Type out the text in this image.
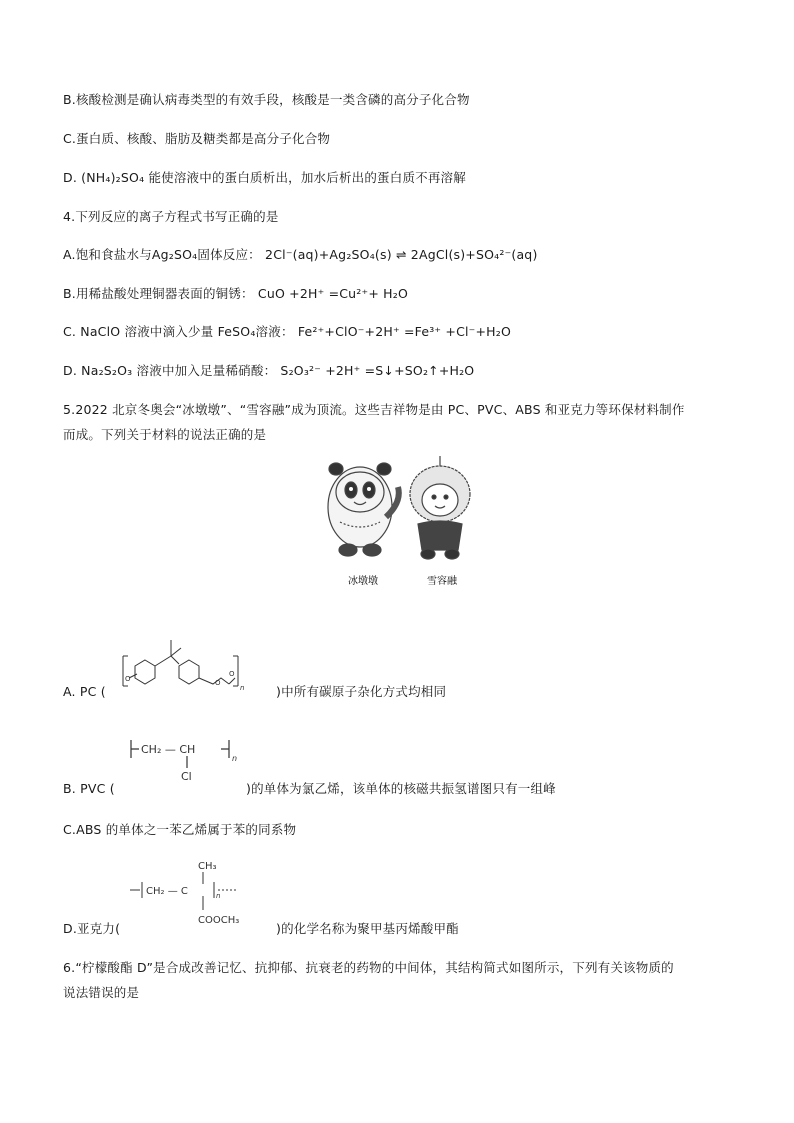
B.核酸检测是确认病毒类型的有效手段，核酸是一类含磷的高分子化合物
C.蛋白质、核酸、脂肪及糖类都是高分子化合物
D. (NH₄)₂SO₄ 能使溶液中的蛋白质析出，加水后析出的蛋白质不再溶解
4.下列反应的离子方程式书写正确的是
A.饱和食盐水与Ag₂SO₄固体反应： 2Cl⁻(aq)+Ag₂SO₄(s) ⇌ 2AgCl(s)+SO₄²⁻(aq)
B.用稀盐酸处理铜器表面的铜锈： CuO +2H⁺ =Cu²⁺+ H₂O
C. NaClO 溶液中滴入少量 FeSO₄溶液： Fe²⁺+ClO⁻+2H⁺ =Fe³⁺ +Cl⁻+H₂O
D. Na₂S₂O₃ 溶液中加入足量稀硝酸： S₂O₃²⁻ +2H⁺ =S↓+SO₂↑+H₂O
5.2022 北京冬奥会“冰墩墩”、“雪容融”成为顶流。这些吉祥物是由 PC、PVC、ABS 和亚克力等环保材料制作
而成。下列关于材料的说法正确的是
冰墩墩	雪容融
A. PC (
O	O
O
n	)中所有碳原子杂化方式均相同
B. PVC (
CH₂ — CH
Cl
n
)的单体为氯乙烯，该单体的核磁共振氢谱图只有一组峰
C.ABS 的单体之一苯乙烯属于苯的同系物
D.亚克力(
CH₃
CH₂ — C
COOCH₃
n
)的化学名称为聚甲基丙烯酸甲酯
6.“柠檬酸酯 D”是合成改善记忆、抗抑郁、抗衰老的药物的中间体，其结构简式如图所示，下列有关该物质的
说法错误的是
